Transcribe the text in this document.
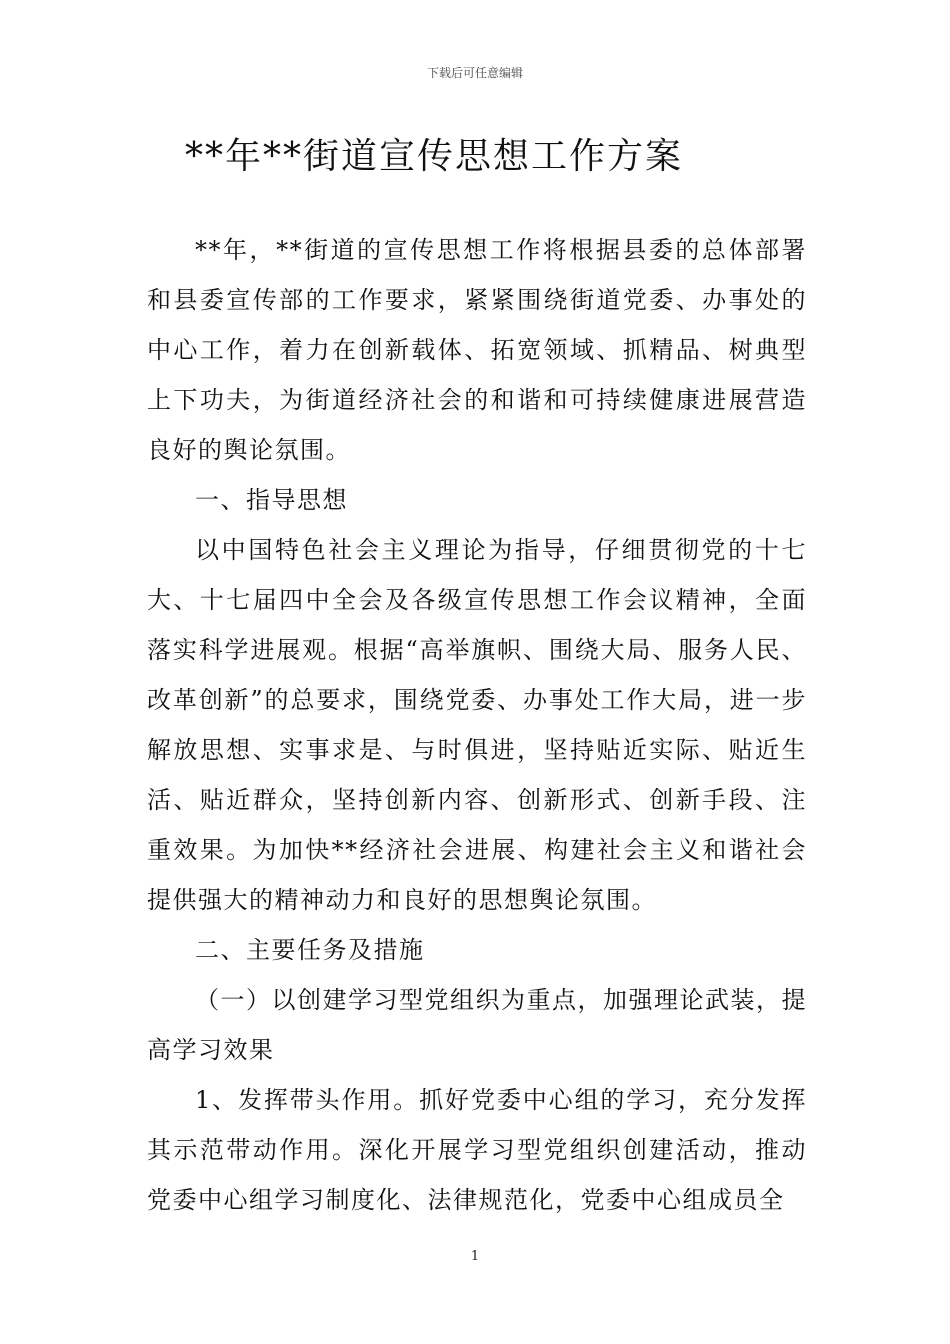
下载后可任意编辑
**年**街道宣传思想工作方案

**年，**街道的宣传思想工作将根据县委的总体部署和县委宣传部的工作要求，紧紧围绕街道党委、办事处的中心工作，着力在创新载体、拓宽领域、抓精品、树典型上下功夫，为街道经济社会的和谐和可持续健康进展营造良好的舆论氛围。

一、指导思想

以中国特色社会主义理论为指导，仔细贯彻党的十七大、十七届四中全会及各级宣传思想工作会议精神，全面落实科学进展观。根据“高举旗帜、围绕大局、服务人民、改革创新”的总要求，围绕党委、办事处工作大局，进一步解放思想、实事求是、与时俱进，坚持贴近实际、贴近生活、贴近群众，坚持创新内容、创新形式、创新手段、注重效果。为加快**经济社会进展、构建社会主义和谐社会提供强大的精神动力和良好的思想舆论氛围。

二、主要任务及措施

（一）以创建学习型党组织为重点，加强理论武装，提高学习效果

1、发挥带头作用。抓好党委中心组的学习，充分发挥其示范带动作用。深化开展学习型党组织创建活动，推动党委中心组学习制度化、法律规范化，党委中心组成员全

1
